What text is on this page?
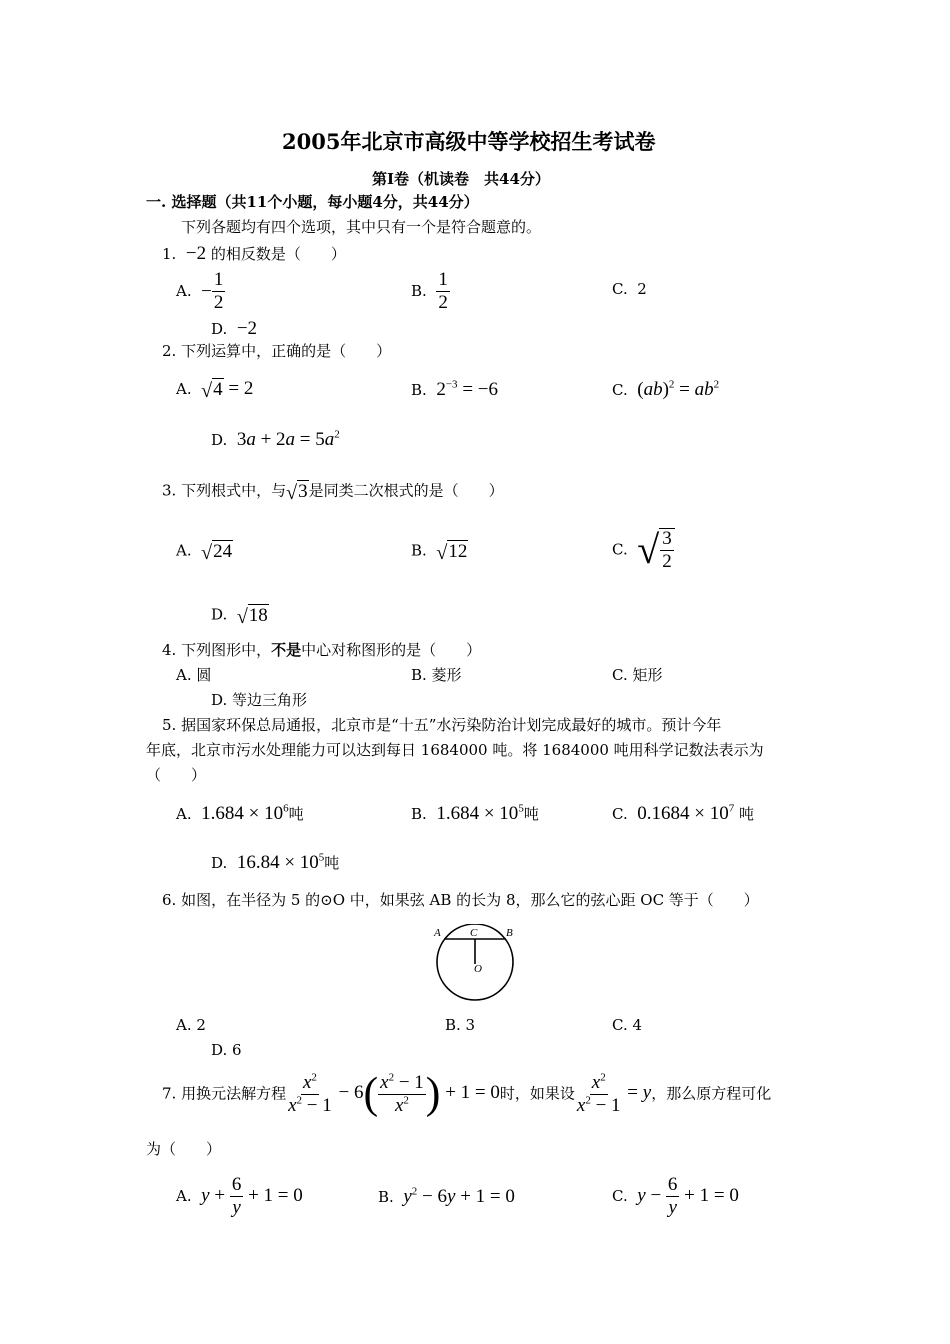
2005年北京市高级中等学校招生考试卷
第Ⅰ卷（机读卷　共44分）
一. 选择题（共11个小题，每小题4分，共44分）
下列各题均有四个选项，其中只有一个是符合题意的。
1. −2 的相反数是（　　）
A. − $\frac{1}{2}$	B. $\frac{1}{2}$	C. 2
D. −2
2. 下列运算中，正确的是（　　）
A. √ 4 = 2	B. $2^{-3} = -6$	C. $(ab)^2 = ab^2$
D. $3a + 2a = 5a^2$
3. 下列根式中，与 √ 3 是同类二次根式的是（　　）
A. √ 24	B. √ 12	C. √ $\frac{3}{2}$
D. √ 18
4. 下列图形中，不是中心对称图形的是（　　）
A. 圆	B. 菱形	C. 矩形
D. 等边三角形
5. 据国家环保总局通报，北京市是“十五”水污染防治计划完成最好的城市。预计今年
年底，北京市污水处理能力可以达到每日 1684000 吨。将 1684000 吨用科学记数法表示为
（　　）
A. $1.684 \times 10^6$吨	B. $1.684 \times 10^5$吨	C. $0.1684 \times 10^7$ 吨
D. $16.84 \times 10^5$吨
6. 如图，在半径为 5 的⊙O 中，如果弦 AB 的长为 8，那么它的弦心距 OC 等于（　　）
A	C	B
O
A. 2	B. 3	C. 4
D. 6
7. 用换元法解方程 $\frac{x^2}{x^2 - 1} - 6( \frac{x^2 - 1}{x^2}$ ) + 1 = 0时，如果设 $\frac{x^2}{x^2 - 1} = y$，那么原方程可化
为（　　）
A. $y + \frac{6}{y} + 1 = 0$	B. $y^2 - 6y + 1 = 0$	C. $y - \frac{6}{y} + 1 = 0$
